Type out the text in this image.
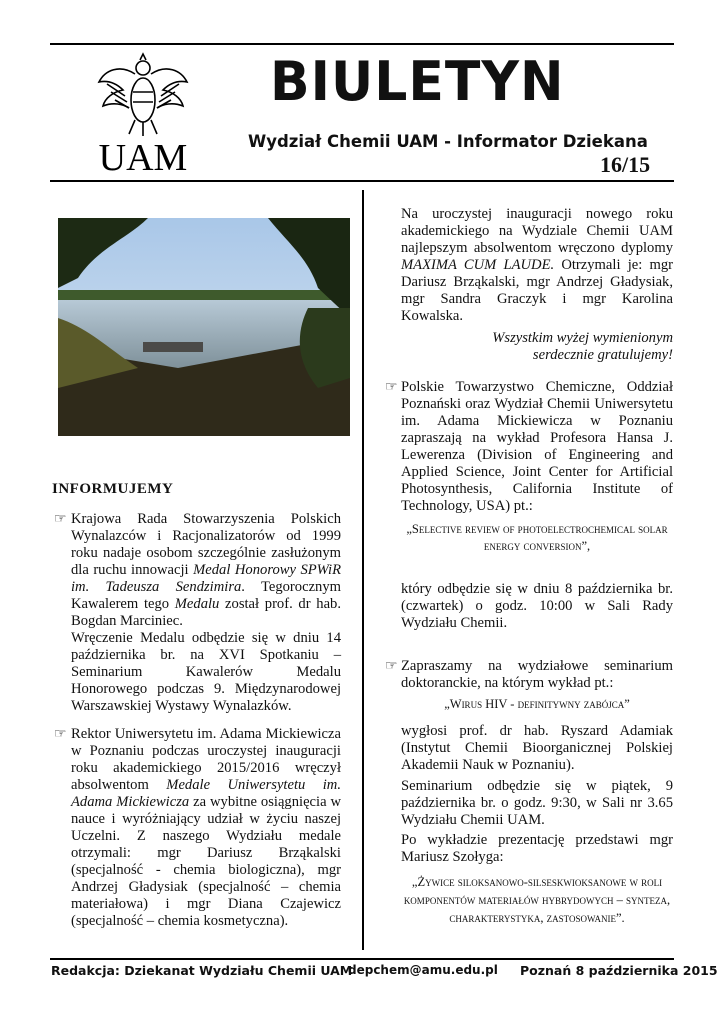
UAM
BIULETYN
Wydział Chemii UAM - Informator Dziekana
16/15
INFORMUJEMY
☞ Krajowa Rada Stowarzyszenia Polskich Wynalazców i Racjonalizatorów od 1999 roku nadaje osobom szczególnie zasłużonym dla ruchu innowacji Medal Honorowy SPWiR im. Tadeusza Sendzimira. Tegorocznym Kawalerem tego Medalu został prof. dr hab. Bogdan Marciniec.

Wręczenie Medalu odbędzie się w dniu 14 października br. na XVI Spotkaniu – Seminarium Kawalerów Medalu Honorowego podczas 9. Międzynarodowej Warszawskiej Wystawy Wynalazków.

☞ Rektor Uniwersytetu im. Adama Mickiewicza w Poznaniu podczas uroczystej inauguracji roku akademickiego 2015/2016 wręczył absolwentom Medale Uniwersytetu im. Adama Mickiewicza za wybitne osiągnięcia w nauce i wyróżniający udział w życiu naszej Uczelni. Z naszego Wydziału medale otrzymali: mgr Dariusz Brząkalski (specjalność - chemia biologiczna), mgr Andrzej Gładysiak (specjalność – chemia materiałowa) i mgr Diana Czajewicz (specjalność – chemia kosmetyczna).
Na uroczystej inauguracji nowego roku akademickiego na Wydziale Chemii UAM najlepszym absolwentom wręczono dyplomy MAXIMA CUM LAUDE. Otrzymali je: mgr Dariusz Brząkalski, mgr Andrzej Gładysiak, mgr Sandra Graczyk i mgr Karolina Kowalska.
Wszystkim wyżej wymienionym serdecznie gratulujemy!
☞ Polskie Towarzystwo Chemiczne, Oddział Poznański oraz Wydział Chemii Uniwersytetu im. Adama Mickiewicza w Poznaniu zapraszają na wykład Profesora Hansa J. Lewerenza (Division of Engineering and Applied Science, Joint Center for Artificial Photosynthesis, California Institute of Technology, USA) pt.:
„Selective review of photoelectrochemical solar energy conversion”,
który odbędzie się w dniu 8 października br. (czwartek) o godz. 10:00 w Sali Rady Wydziału Chemii.
☞ Zapraszamy na wydziałowe seminarium doktoranckie, na którym wykład pt.:
„Wirus HIV - definitywny zabójca”
wygłosi prof. dr hab. Ryszard Adamiak (Instytut Chemii Bioorganicznej Polskiej Akademii Nauk w Poznaniu).
Seminarium odbędzie się w piątek, 9 października br. o godz. 9:30, w Sali nr 3.65 Wydziału Chemii UAM.
Po wykładzie prezentację przedstawi mgr Mariusz Szołyga:
„Żywice siloksanowo-silseskwioksanowe w roli komponentów materiałów hybrydowych – synteza, charakterystyka, zastosowanie”.
Redakcja: Dziekanat Wydziału Chemii UAM
depchem@amu.edu.pl Poznań 8 października 2015
